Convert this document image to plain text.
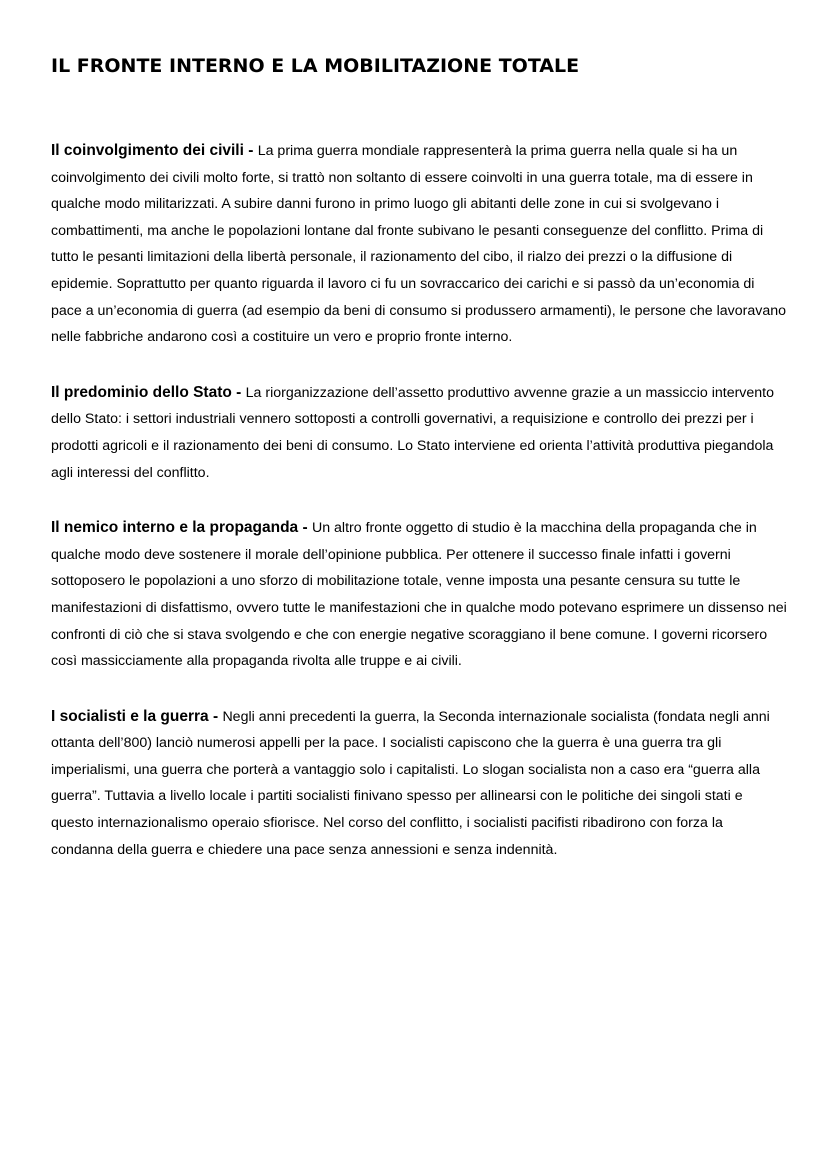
IL FRONTE INTERNO E LA MOBILITAZIONE TOTALE

Il coinvolgimento dei civili - La prima guerra mondiale rappresenterà la prima guerra nella quale si ha un coinvolgimento dei civili molto forte, si trattò non soltanto di essere coinvolti in una guerra totale, ma di essere in qualche modo militarizzati. A subire danni furono in primo luogo gli abitanti delle zone in cui si svolgevano i combattimenti, ma anche le popolazioni lontane dal fronte subivano le pesanti conseguenze del conflitto. Prima di tutto le pesanti limitazioni della libertà personale, il razionamento del cibo, il rialzo dei prezzi o la diffusione di epidemie. Soprattutto per quanto riguarda il lavoro ci fu un sovraccarico dei carichi e si passò da un’economia di pace a un’economia di guerra (ad esempio da beni di consumo si produssero armamenti), le persone che lavoravano nelle fabbriche andarono così a costituire un vero e proprio fronte interno.

Il predominio dello Stato - La riorganizzazione dell’assetto produttivo avvenne grazie a un massiccio intervento dello Stato: i settori industriali vennero sottoposti a controlli governativi, a requisizione e controllo dei prezzi per i prodotti agricoli e il razionamento dei beni di consumo. Lo Stato interviene ed orienta l’attività produttiva piegandola agli interessi del conflitto.

Il nemico interno e la propaganda - Un altro fronte oggetto di studio è la macchina della propaganda che in qualche modo deve sostenere il morale dell’opinione pubblica. Per ottenere il successo finale infatti i governi sottoposero le popolazioni a uno sforzo di mobilitazione totale, venne imposta una pesante censura su tutte le manifestazioni di disfattismo, ovvero tutte le manifestazioni che in qualche modo potevano esprimere un dissenso nei confronti di ciò che si stava svolgendo e che con energie negative scoraggiano il bene comune. I governi ricorsero così massicciamente alla propaganda rivolta alle truppe e ai civili.

I socialisti e la guerra - Negli anni precedenti la guerra, la Seconda internazionale socialista (fondata negli anni ottanta dell’800) lanciò numerosi appelli per la pace. I socialisti capiscono che la guerra è una guerra tra gli imperialismi, una guerra che porterà a vantaggio solo i capitalisti. Lo slogan socialista non a caso era “guerra alla guerra”. Tuttavia a livello locale i partiti socialisti finivano spesso per allinearsi con le politiche dei singoli stati e questo internazionalismo operaio sfiorisce. Nel corso del conflitto, i socialisti pacifisti ribadirono con forza la condanna della guerra e chiedere una pace senza annessioni e senza indennità.
